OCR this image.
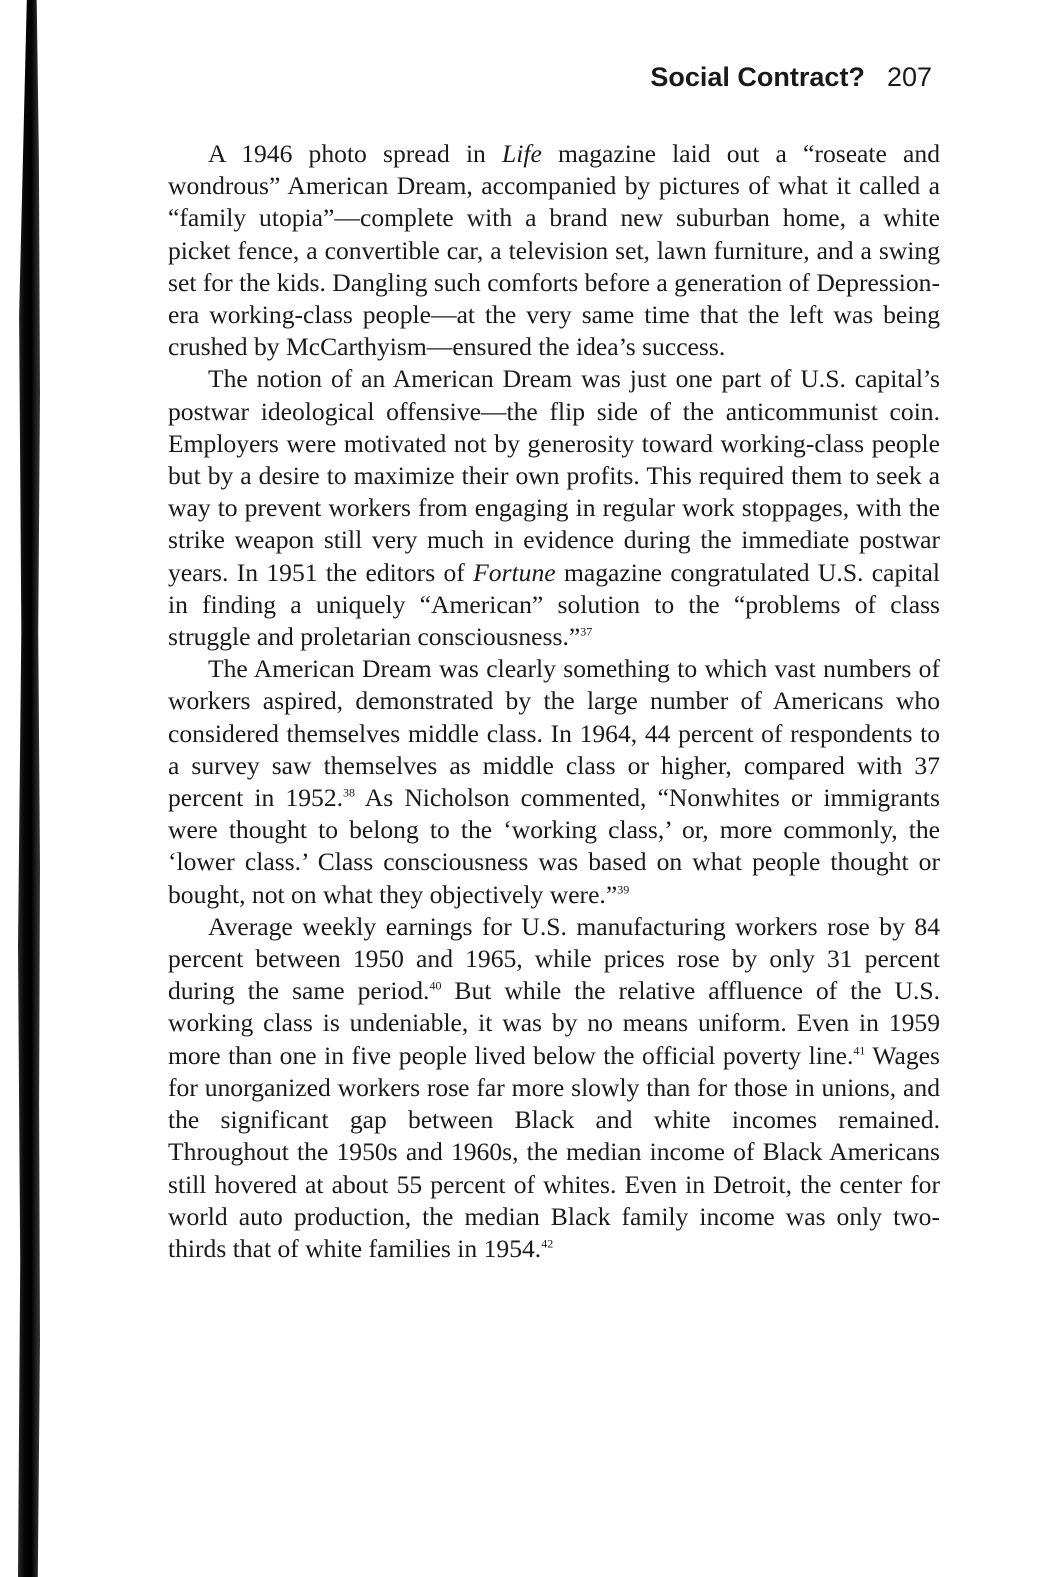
Social Contract? 207

A 1946 photo spread in Life magazine laid out a “roseate and wondrous” American Dream, accompanied by pictures of what it called a “family utopia”—complete with a brand new suburban home, a white picket fence, a convertible car, a television set, lawn furniture, and a swing set for the kids. Dangling such comforts before a generation of Depression-era working-class people—at the very same time that the left was being crushed by McCarthyism—ensured the idea’s success.

The notion of an American Dream was just one part of U.S. capital’s postwar ideological offensive—the flip side of the anticommunist coin. Employers were motivated not by generosity toward working-class people but by a desire to maximize their own profits. This required them to seek a way to prevent workers from engaging in regular work stoppages, with the strike weapon still very much in evidence during the immediate postwar years. In 1951 the editors of Fortune magazine congratulated U.S. capital in finding a uniquely “American” solution to the “problems of class struggle and proletarian consciousness.”$^{37}$

The American Dream was clearly something to which vast numbers of workers aspired, demonstrated by the large number of Americans who considered themselves middle class. In 1964, 44 percent of respondents to a survey saw themselves as middle class or higher, compared with 37 percent in 1952.38 As Nicholson commented, “Nonwhites or immigrants were thought to belong to the ‘working class,’ or, more commonly, the ‘lower class.’ Class consciousness was based on what people thought or bought, not on what they objectively were.”$^{39}$

Average weekly earnings for U.S. manufacturing workers rose by 84 percent between 1950 and 1965, while prices rose by only 31 percent during the same period.$^{40}$ But while the relative affluence of the U.S. working class is undeniable, it was by no means uniform. Even in 1959 more than one in five people lived below the official poverty line.$^{41}$ Wages for unorganized workers rose far more slowly than for those in unions, and the significant gap between Black and white incomes remained. Throughout the 1950s and 1960s, the median income of Black Americans still hovered at about 55 percent of whites. Even in Detroit, the center for world auto production, the median Black family income was only two-thirds that of white families in 1954.42
